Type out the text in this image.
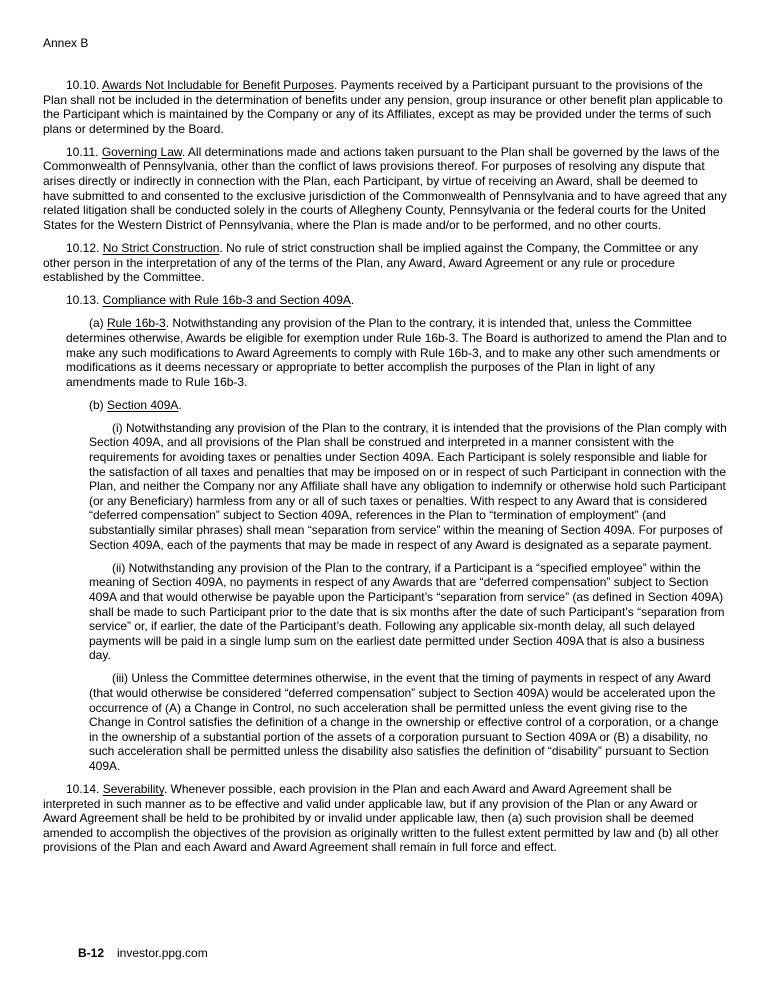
Annex B

10.10. Awards Not Includable for Benefit Purposes. Payments received by a Participant pursuant to the provisions of the Plan shall not be included in the determination of benefits under any pension, group insurance or other benefit plan applicable to the Participant which is maintained by the Company or any of its Affiliates, except as may be provided under the terms of such plans or determined by the Board.

10.11. Governing Law. All determinations made and actions taken pursuant to the Plan shall be governed by the laws of the Commonwealth of Pennsylvania, other than the conflict of laws provisions thereof. For purposes of resolving any dispute that arises directly or indirectly in connection with the Plan, each Participant, by virtue of receiving an Award, shall be deemed to have submitted to and consented to the exclusive jurisdiction of the Commonwealth of Pennsylvania and to have agreed that any related litigation shall be conducted solely in the courts of Allegheny County, Pennsylvania or the federal courts for the United States for the Western District of Pennsylvania, where the Plan is made and/or to be performed, and no other courts.

10.12. No Strict Construction. No rule of strict construction shall be implied against the Company, the Committee or any other person in the interpretation of any of the terms of the Plan, any Award, Award Agreement or any rule or procedure established by the Committee.

10.13. Compliance with Rule 16b-3 and Section 409A.

(a) Rule 16b-3. Notwithstanding any provision of the Plan to the contrary, it is intended that, unless the Committee determines otherwise, Awards be eligible for exemption under Rule 16b-3. The Board is authorized to amend the Plan and to make any such modifications to Award Agreements to comply with Rule 16b-3, and to make any other such amendments or modifications as it deems necessary or appropriate to better accomplish the purposes of the Plan in light of any amendments made to Rule 16b-3.

(b) Section 409A.

(i) Notwithstanding any provision of the Plan to the contrary, it is intended that the provisions of the Plan comply with Section 409A, and all provisions of the Plan shall be construed and interpreted in a manner consistent with the requirements for avoiding taxes or penalties under Section 409A. Each Participant is solely responsible and liable for the satisfaction of all taxes and penalties that may be imposed on or in respect of such Participant in connection with the Plan, and neither the Company nor any Affiliate shall have any obligation to indemnify or otherwise hold such Participant (or any Beneficiary) harmless from any or all of such taxes or penalties. With respect to any Award that is considered “deferred compensation” subject to Section 409A, references in the Plan to “termination of employment” (and substantially similar phrases) shall mean “separation from service” within the meaning of Section 409A. For purposes of Section 409A, each of the payments that may be made in respect of any Award is designated as a separate payment.

(ii) Notwithstanding any provision of the Plan to the contrary, if a Participant is a “specified employee” within the meaning of Section 409A, no payments in respect of any Awards that are “deferred compensation” subject to Section 409A and that would otherwise be payable upon the Participant’s “separation from service” (as defined in Section 409A) shall be made to such Participant prior to the date that is six months after the date of such Participant’s “separation from service” or, if earlier, the date of the Participant’s death. Following any applicable six-month delay, all such delayed payments will be paid in a single lump sum on the earliest date permitted under Section 409A that is also a business day.

(iii) Unless the Committee determines otherwise, in the event that the timing of payments in respect of any Award (that would otherwise be considered “deferred compensation” subject to Section 409A) would be accelerated upon the occurrence of (A) a Change in Control, no such acceleration shall be permitted unless the event giving rise to the Change in Control satisfies the definition of a change in the ownership or effective control of a corporation, or a change in the ownership of a substantial portion of the assets of a corporation pursuant to Section 409A or (B) a disability, no such acceleration shall be permitted unless the disability also satisfies the definition of “disability” pursuant to Section 409A.

10.14. Severability. Whenever possible, each provision in the Plan and each Award and Award Agreement shall be interpreted in such manner as to be effective and valid under applicable law, but if any provision of the Plan or any Award or Award Agreement shall be held to be prohibited by or invalid under applicable law, then (a) such provision shall be deemed amended to accomplish the objectives of the provision as originally written to the fullest extent permitted by law and (b) all other provisions of the Plan and each Award and Award Agreement shall remain in full force and effect.

B-12 investor.ppg.com
